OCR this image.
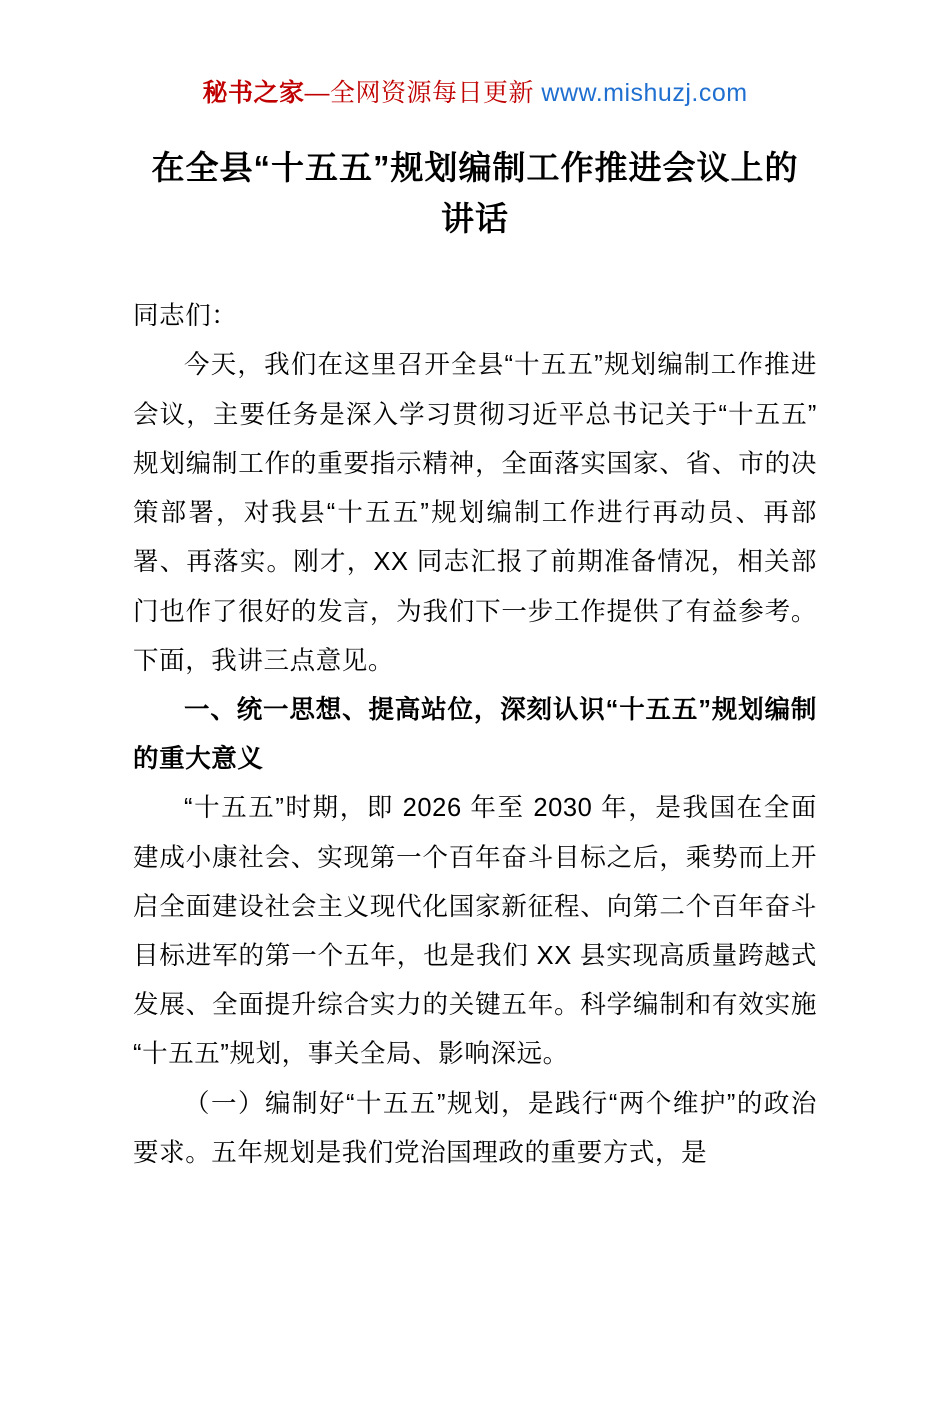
秘书之家—全网资源每日更新 www.mishuzj.com
在全县“十五五”规划编制工作推进会议上的讲话

同志们：

今天，我们在这里召开全县“十五五”规划编制工作推进会议，主要任务是深入学习贯彻习近平总书记关于“十五五”规划编制工作的重要指示精神，全面落实国家、省、市的决策部署，对我县“十五五”规划编制工作进行再动员、再部署、再落实。刚才，XX 同志汇报了前期准备情况，相关部门也作了很好的发言，为我们下一步工作提供了有益参考。下面，我讲三点意见。

一、统一思想、提高站位，深刻认识“十五五”规划编制的重大意义

“十五五”时期，即 2026 年至 2030 年，是我国在全面建成小康社会、实现第一个百年奋斗目标之后，乘势而上开启全面建设社会主义现代化国家新征程、向第二个百年奋斗目标进军的第一个五年，也是我们 XX 县实现高质量跨越式发展、全面提升综合实力的关键五年。科学编制和有效实施“十五五”规划，事关全局、影响深远。

（一）编制好“十五五”规划，是践行“两个维护”的政治要求。五年规划是我们党治国理政的重要方式，是
